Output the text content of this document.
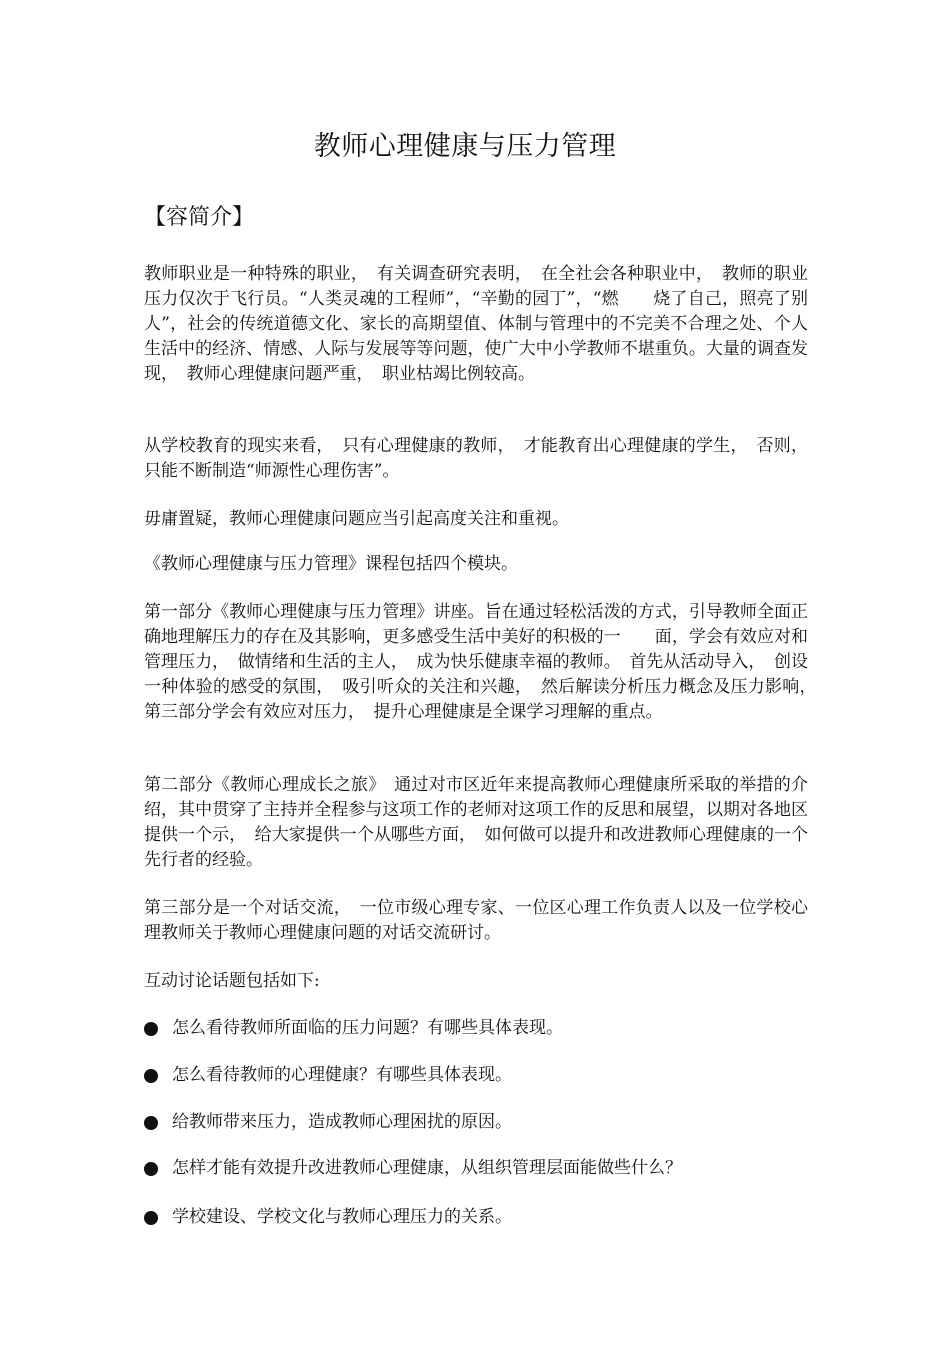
教师心理健康与压力管理
【容简介】

教师职业是一种特殊的职业，　有关调查研究表明，　在全社会各种职业中，　教师的职业压力仅次于飞行员。“人类灵魂的工程师”，“辛勤的园丁”，“燃　　烧了自己，照亮了别人”，社会的传统道德文化、家长的高期望值、体制与管理中的不完美不合理之处、个人生活中的经济、情感、人际与发展等等问题，使广大中小学教师不堪重负。大量的调查发现，　教师心理健康问题严重，　职业枯竭比例较高。

从学校教育的现实来看，　只有心理健康的教师，　才能教育出心理健康的学生，　否则，只能不断制造“师源性心理伤害”。

毋庸置疑，教师心理健康问题应当引起高度关注和重视。

《教师心理健康与压力管理》课程包括四个模块。

第一部分《教师心理健康与压力管理》讲座。旨在通过轻松活泼的方式，引导教师全面正确地理解压力的存在及其影响，更多感受生活中美好的积极的一　　面，学会有效应对和管理压力，　做情绪和生活的主人，　成为快乐健康幸福的教师。　首先从活动导入，　创设一种体验的感受的氛围，　吸引听众的关注和兴趣，　然后解读分析压力概念及压力影响，　第三部分学会有效应对压力，　提升心理健康是全课学习理解的重点。

第二部分《教师心理成长之旅》　通过对市区近年来提高教师心理健康所采取的举措的介绍，其中贯穿了主持并全程参与这项工作的老师对这项工作的反思和展望，以期对各地区提供一个示，　给大家提供一个从哪些方面，　如何做可以提升和改进教师心理健康的一个先行者的经验。

第三部分是一个对话交流，　一位市级心理专家、一位区心理工作负责人以及一位学校心理教师关于教师心理健康问题的对话交流研讨。

互动讨论话题包括如下:

怎么看待教师所面临的压力问题？有哪些具体表现。
怎么看待教师的心理健康？有哪些具体表现。
给教师带来压力，造成教师心理困扰的原因。
怎样才能有效提升改进教师心理健康，从组织管理层面能做些什么？
学校建设、学校文化与教师心理压力的关系。
